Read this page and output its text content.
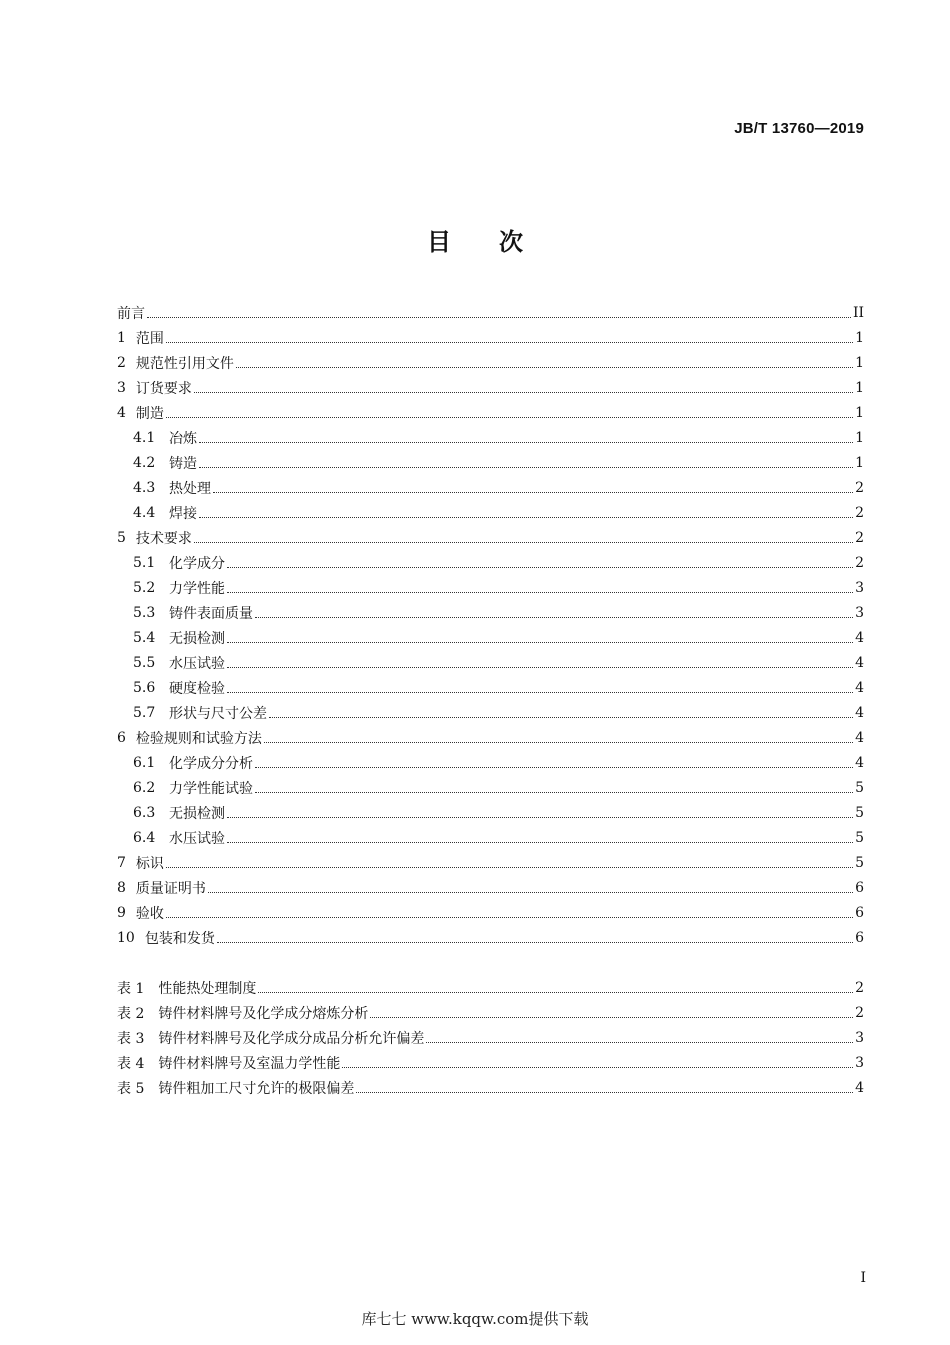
JB/T 13760—2019
目　　次
前言	II
1 范围	1
2 规范性引用文件	1
3 订货要求	1
4 制造	1
4.1 冶炼	1
4.2 铸造	1
4.3 热处理	2
4.4 焊接	2
5 技术要求	2
5.1 化学成分	2
5.2 力学性能	3
5.3 铸件表面质量	3
5.4 无损检测	4
5.5 水压试验	4
5.6 硬度检验	4
5.7 形状与尺寸公差	4
6 检验规则和试验方法	4
6.1 化学成分分析	4
6.2 力学性能试验	5
6.3 无损检测	5
6.4 水压试验	5
7 标识	5
8 质量证明书	6
9 验收	6
10 包装和发货	6
表 1 性能热处理制度	2
表 2 铸件材料牌号及化学成分熔炼分析	2
表 3 铸件材料牌号及化学成分成品分析允许偏差	3
表 4 铸件材料牌号及室温力学性能	3
表 5 铸件粗加工尺寸允许的极限偏差	4
I
库七七 www.kqqw.com提供下载
